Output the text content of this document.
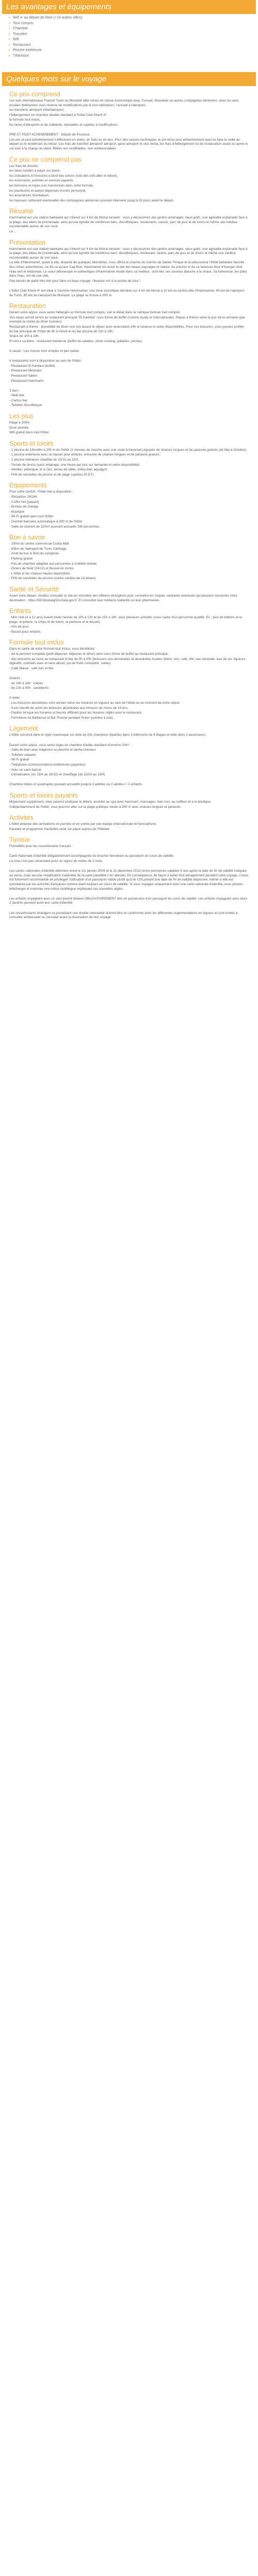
Les avantages et équipements
✔ Wifi ✔ au départ de Nice (+14 autres villes)
✔ Tout compris
✔ Chambre
✔ Transfert
✔ Wifi
✔ Restaurant
✔ Piscine extérieure
✔ Télévision
Quelques mots sur le voyage
Ce prix comprend

Les vols internationaux France/ Tunis ou Monastir aller-retour en classe économique avec Tunisair, Nouvelair ou autres compagnies aériennes, avec ou sans escales (tolérances sous réserve de modifications par le tour-opérateur), l'accueil à l'aéroport,

les transferts aéroport/ hôtel/aéroport,

l'hébergement en chambre double standard à l'hôtel Club Khent 4*,

la formule tout inclus,

les taxes d'aéroports et de solidarité, révisables et sujettes à modifications.

PRE ET POST ACHEMINEMENT : Départ de Province,

Les pré et post acheminement s'effectuent en avion, en train ou en bus. Pour des raisons techniques, le pré et/ou post acheminement peut se faire la veille du départ ou le lendemain du retour. Les frais de transfert aéroport/ aéroport, gare/ aéroport et vice-versa, les frais d'hébergement ou de restauration avant ou après le vol sont à la charge du client. Billets non modifiables, non remboursables.

Ce prix ne comprend pas

Les frais de dossier,

les taxes locales à payer sur place,

les cotisations et boissons à bord des avions (vols des vols aller et retour),

les excursions, activités et services payants,

les boissons et repas non mentionnés dans votre formule,

les pourboires et autres dépenses d'ordre personnel,

les assurances facultatives,

les hausses carburant éventuelles des compagnies aériennes pouvant intervenir jusqu'à 30 jours avant le départ.

Résumé

Hammamet est une station balnéaire qui s'étend sur 4 km de littoral tunisien : vous y découvrirez des jardins aménagés, deux golfs, une agréable esplanade face à la plage, des idées de promenade, ainsi qu'une kyrielle de nombreux bars, discothèques, restaurants, casino, parc de jeux et de loisirs et même une médina incontestable autour de son souk.

Le ...

Présentation

Hammamet est une station balnéaire qui s'étend sur 4 km de littoral tunisien : vous y découvrirez des jardins aménagés, deux golfs, une agréable esplanade face à la plage, des idées de promenade, ainsi qu'une kyrielle de nombreux bars, discothèques, restaurant, casino, parc de jeux et de loisirs et même une médina incontestable autour de son souk.

La ville d'Hammamet, quant à elle, distante de quelques kilomètres, vous offrira le charme du chemin de Sainte Trinque et la talassoneur l'hôtel balnéaire favorite des riches autochtones, ne fût-ce qu'aux Cap Bon, Hammamet est aussi le site des beaux paysages et nature, du poivron et de sa fameuse fleur d'oranger dont l'eau sert et hédoniste. Le cœur pittoresque et authentique d'Hammamet réside dans sa médina : sont-bel, ses sources blanche à la chaux. Sa forteresse, les plats dans l'eau, ont de une ville.

Peu besoin de partir très loin pour faire un beau voyage. l'évasion est à la portée de tous !

L'hôtel Club Khent 4* est situé à Yasmine Hammamet, une zone touristique étendue sur 4 km de littoral à 10 km du centre-ville d'Hammamet, 65 km de l'aéroport de Tunis, 85 km de l'aéroport de Monastir. La plage se trouve à 200 m.

Restauration

Durant votre séjour, vous serez hébergés en formule tout compris, voir le détail dans la rubrique formule tout compris.

Vos repas seront servis au restaurant principal "El Kantara" sous forme de buffet (cuisine locale et internationale). Repas à thème selon le jour de la semaine (par exemple la soirée de dîner tunisien).

Restaurant à thème : possibilité de dîner une fois durant le séjour avec réservation 24h à l'avance et selon disponibilités. Pour vos boissons, vous pouvez profiter du bar principal de l'hôtel de 9h à minuit et du bar piscine de 10h à 18h.

Snack de 10h à 18h.

Et moi à sa bière : restaurant barbecue (buffet de salades, show cooking, grillades, pizzas).

A savoir : Les menus sont simples et peu variés.

4 restaurants sont à disposition au sein de l'hôtel :

- Restaurant El Kantara (buffet)

- Restaurant Mexicain.

- Restaurant Italien.

- Restaurant Hammami.

3 bars :

- Skibi bar.

- Cactus bar.

- Tambler discothèque.

Les plus

Plage à 200m

Zone animée

Wifi gratuit dans tout l'hôtel

Sports et loisirs

- 1 piscine de 18mx9m à 200 m de l'hôtel (3 minutes de marche avec une route à traverser) équipée de chaises longues et de parasols gratuits (de Mai à Octobre).

- 1 piscine extérieure avec un bassin pour enfants, entourée de chaises longues et de parasols gratuits :

- 1 piscine intérieure chauffée du 15/10 au 31/5.

- Terrain de tennis (sans éclairage, une heure par jour sur demande et selon disponibilité)

- Aérobic, pétanque, tir à l'arc, tennis de table, volley-ball, aquagym

- Prêt de serviettes de piscine et de plage (caution 20 DT).

Equipements

Pour votre confort, l'hôtel met à disposition :

- Réception 24/24h

- Coffre fort (payant)

- Bureau de change

- Boutique

- Wi-Fi gratuit dans tout l'hôtel

- Guichet bancaire automatique à 300 m de l'hôtel

- Salle de réunion de 220m² pouvant accueillir 290 personnes.

Bon à savoir

- 250m du centre commercial Corba Mall

- 65km de l'aéroport de Tunis Carthage

- Arrêt de bus à 50m du complexe

- Parking gratuit

- Pas de chambre adaptée aux personnes à mobilité réduite

- Dîners de Noël (24/12) et Nouvel An inclus

- L'hôtel et les chaises hautes disponibles

- Prêt de serviettes de piscine (contre caution de 18 dinars)

Santé et Sécurité

Avant votre départ, veuillez consulter le site du ministère des Affaires étrangères pour connaître les risques sanitaires éventuels qui peuvent concerner votre destination : https://OC4nswaig/Zonnata.gov.fr. Et consultez leur médecin traitant/e ou leur pharmacien.

Enfants

- Mini club (4 à 12 ans) ouvert toute l'année de 10h à 12h et de 15h à 18h, avec plusieurs activités (sous cadre d'un personnel qualifié. Ex : jeux de ballons et la plage, le poterie, le crêpe et de loisirs, la peinture et le dessin).

- Aire de jeux.

- Bassin pour enfants.

Formule tout inclus

Dans le cadre de votre formule tout inclus, vous bénéficiez :

- de la pension complète (petit-déjeuner, déjeuner et dîner) servi sous forme de buffet au restaurant principal,

- des boissons au verre au restaurant et bar de 9h à 00h (boissons non alcoolisées et alcoolisées locales (bière, vins, café, thé, eau minérale, eau de vie, liqueurs, digestifs, cocktails avec et sans alcool, jus de fruits concentré, sodas)

- Café Maure : café turc et thé.

Snacks :

- de 16h à 18h : crêpes

- de 22h à 00h : sandwichs

A noter :

- Les boissons alcoolisées sont servies selon les horaires en vigueur au sein de l'hôtel ou au moment de votre séjour.

- Il est interdit de servir les boissons alcoolisées aux mineurs de moins de 18 ans.

- Pardon lorsque les horaires et heures diffèrent pour les horaires réglés pour le restaurant.

- Fermeture du Barbecue et Bar Piscine pendant l'hiver (octobre à mai).

Logement

L'hôtel construit dans le style mauresque est doté de 291 chambres réparties dans 3 bâtiments de 4 étages et doté dans 2 ascenseurs.

Durant votre séjour, vous serez logés en chambre double standard d'environ 20m² :

- Salle de bain avec baignoire ou douche et sèche-cheveux

- Toilettes séparés

- Wi-Fi gratuit

- Téléphone (communications extérieures payantes)

- Avec ou sans balcon

- Climatisation (du 15/4 au 15/10) et chauffage (du 15/10 au 15/4)

Chambre triples et quadruples pouvant accueillir jusqu'à 3 adultes ou 2 adultes + 2 enfants.

Sports et loisirs payants

Moyennant supplément, vous pourrez pratiquer le billard, accéder au spa avec hammam, massages, bain turc, au coiffeur et à la boutique.

Indépendamment de l'hôtel, vous pourrez aller sur la plage publique située à 200 m avec chaises longues et parasols.

Activités

L'hôtel propose des animations en journée et en soirée par une équipe internationale et francophone.

Karaoké et programme d'activités varié sur place auprès de l'hôtelier.

Tunisie

Formalités pour les ressortissants français :

Carte Nationale d'Identité obligatoirement accompagnée du voucher fermeture ou passeport en cours de validité.

La visa n'est pas nécessaire pour un séjour de moins de 3 mois.

Les cartes nationales d'identité délivrées entre le 1er janvier 2004 et le 31 décembre 2013 (entre personnes valables 5 ans après la date de fin de validité indiquée au verso, mais aucune modification matérielle de la carte plastifiée n'en atteste). En conséquence, de façon à éviter tout désagrément pendant votre voyage, il vous est fortement recommandé de privilégier l'utilisation d'un passeport valide plutôt qu'une CNI portant une date de fin de validité dépassée, même si elle est considérée par les autorités françaises comme étant toujours en cours de validité. Si vous voyagez uniquement avec une carte nationale d'identité, vous pouvez télécharger et imprimer une notice multilingue expliquant ces nouvelles règles.

Les enfants voyageant avec un seul parent doivent OBLIGATOIREMENT être en possession d'un passeport en cours de validité. Les enfants voyageant avec leurs 2 parents peuvent avoir leur carte d'identité.

Les ressortissants étrangers ou possédant une double nationalité doivent être en conformité avec les différentes réglementations en vigueur et sont invités à consulter ambassade ou consulat avant la réservation de leur voyage.
